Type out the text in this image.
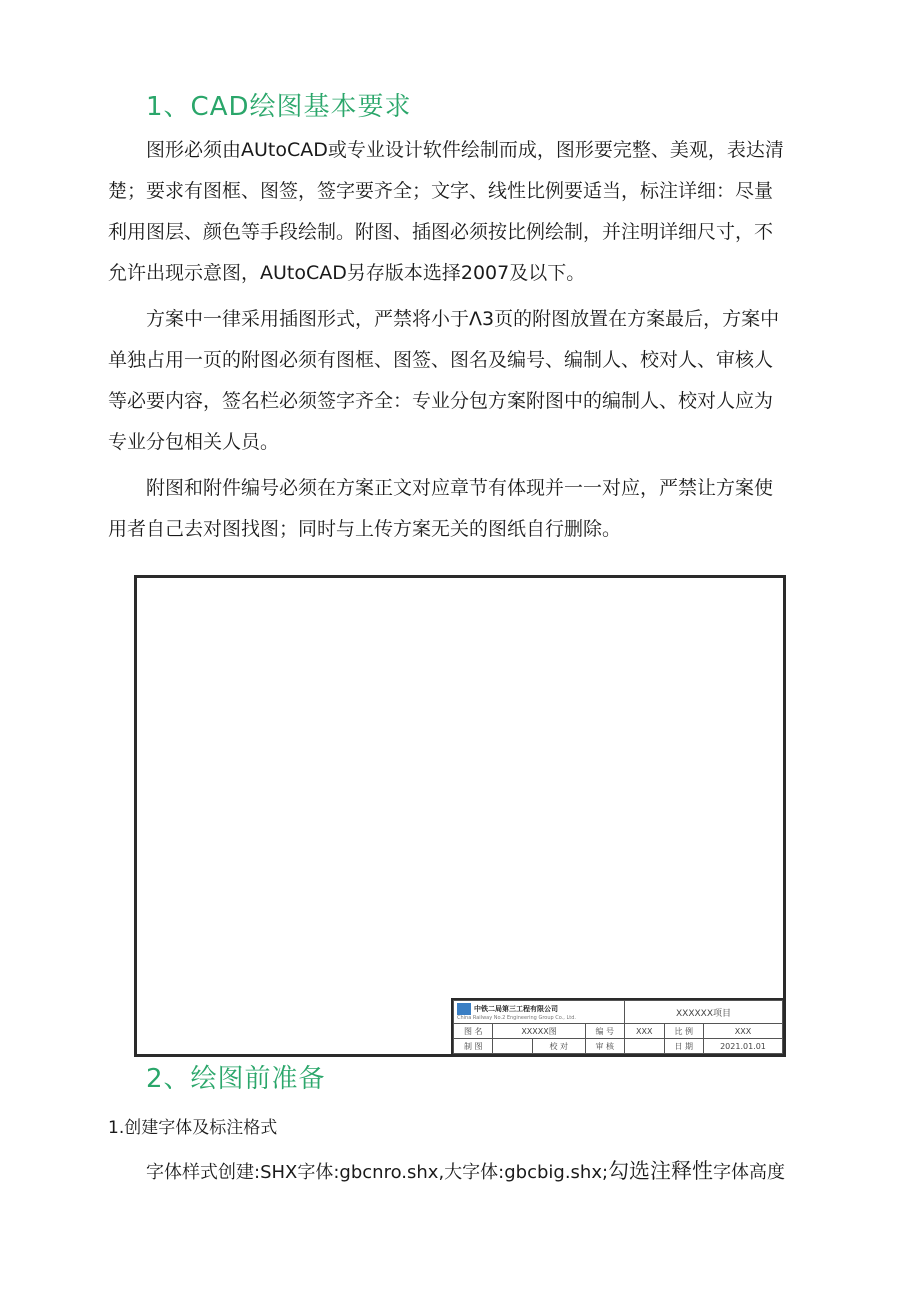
1、CAD绘图基本要求
图形必须由AUtoCAD或专业设计软件绘制而成，图形要完整、美观，表达清
楚；要求有图框、图签，签字要齐全；文字、线性比例要适当，标注详细：尽量
利用图层、颜色等手段绘制。附图、插图必须按比例绘制，并注明详细尺寸，不
允许出现示意图，AUtoCAD另存版本选择2007及以下。
方案中一律采用插图形式，严禁将小于Λ3页的附图放置在方案最后，方案中
单独占用一页的附图必须有图框、图签、图名及编号、编制人、校对人、审核人
等必要内容，签名栏必须签字齐全：专业分包方案附图中的编制人、校对人应为
专业分包相关人员。
附图和附件编号必须在方案正文对应章节有体现并一一对应，严禁让方案使
用者自己去对图找图；同时与上传方案无关的图纸自行删除。
中铁二局第三工程有限公司
China Railway No.2 Engineering Group Co., Ltd.				XXXXXX项目		
图 名	XXXXX图		编 号	XXX	比 例	XXX
制 图		校 对	审 核		日 期	2021.01.01
2、绘图前准备
1.创建字体及标注格式
字体样式创建:SHX字体:gbcnro.shx,大字体:gbcbig.shx;勾选注释性字体高度
